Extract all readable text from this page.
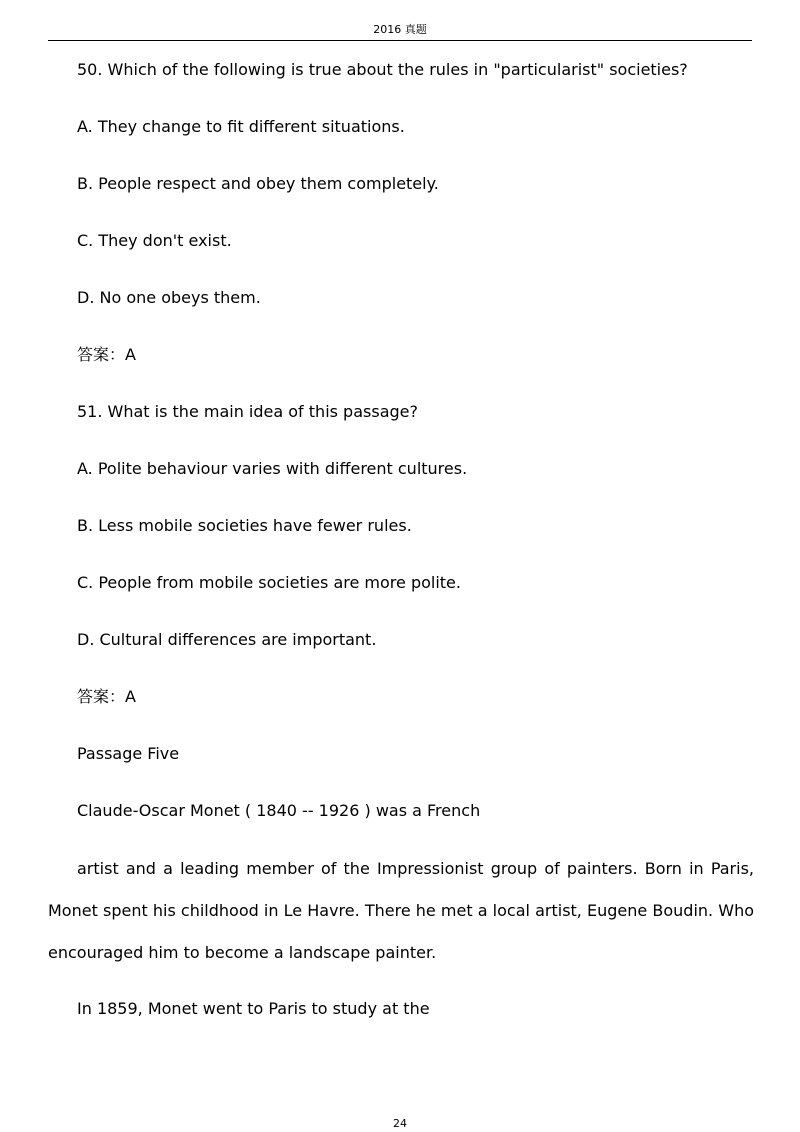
2016 真题
50. Which of the following is true about the rules in "particularist" societies?
A. They change to fit different situations.
B. People respect and obey them completely.
C. They don't exist.
D. No one obeys them.
答案：A
51. What is the main idea of this passage?
A. Polite behaviour varies with different cultures.
B. Less mobile societies have fewer rules.
C. People from mobile societies are more polite.
D. Cultural differences are important.
答案：A
Passage Five
Claude-Oscar Monet ( 1840 -- 1926 ) was a French
artist and a leading member of the Impressionist group of painters. Born in Paris, Monet spent his childhood in Le Havre. There he met a local artist, Eugene Boudin. Who encouraged him to become a landscape painter.
In 1859, Monet went to Paris to study at the
24
